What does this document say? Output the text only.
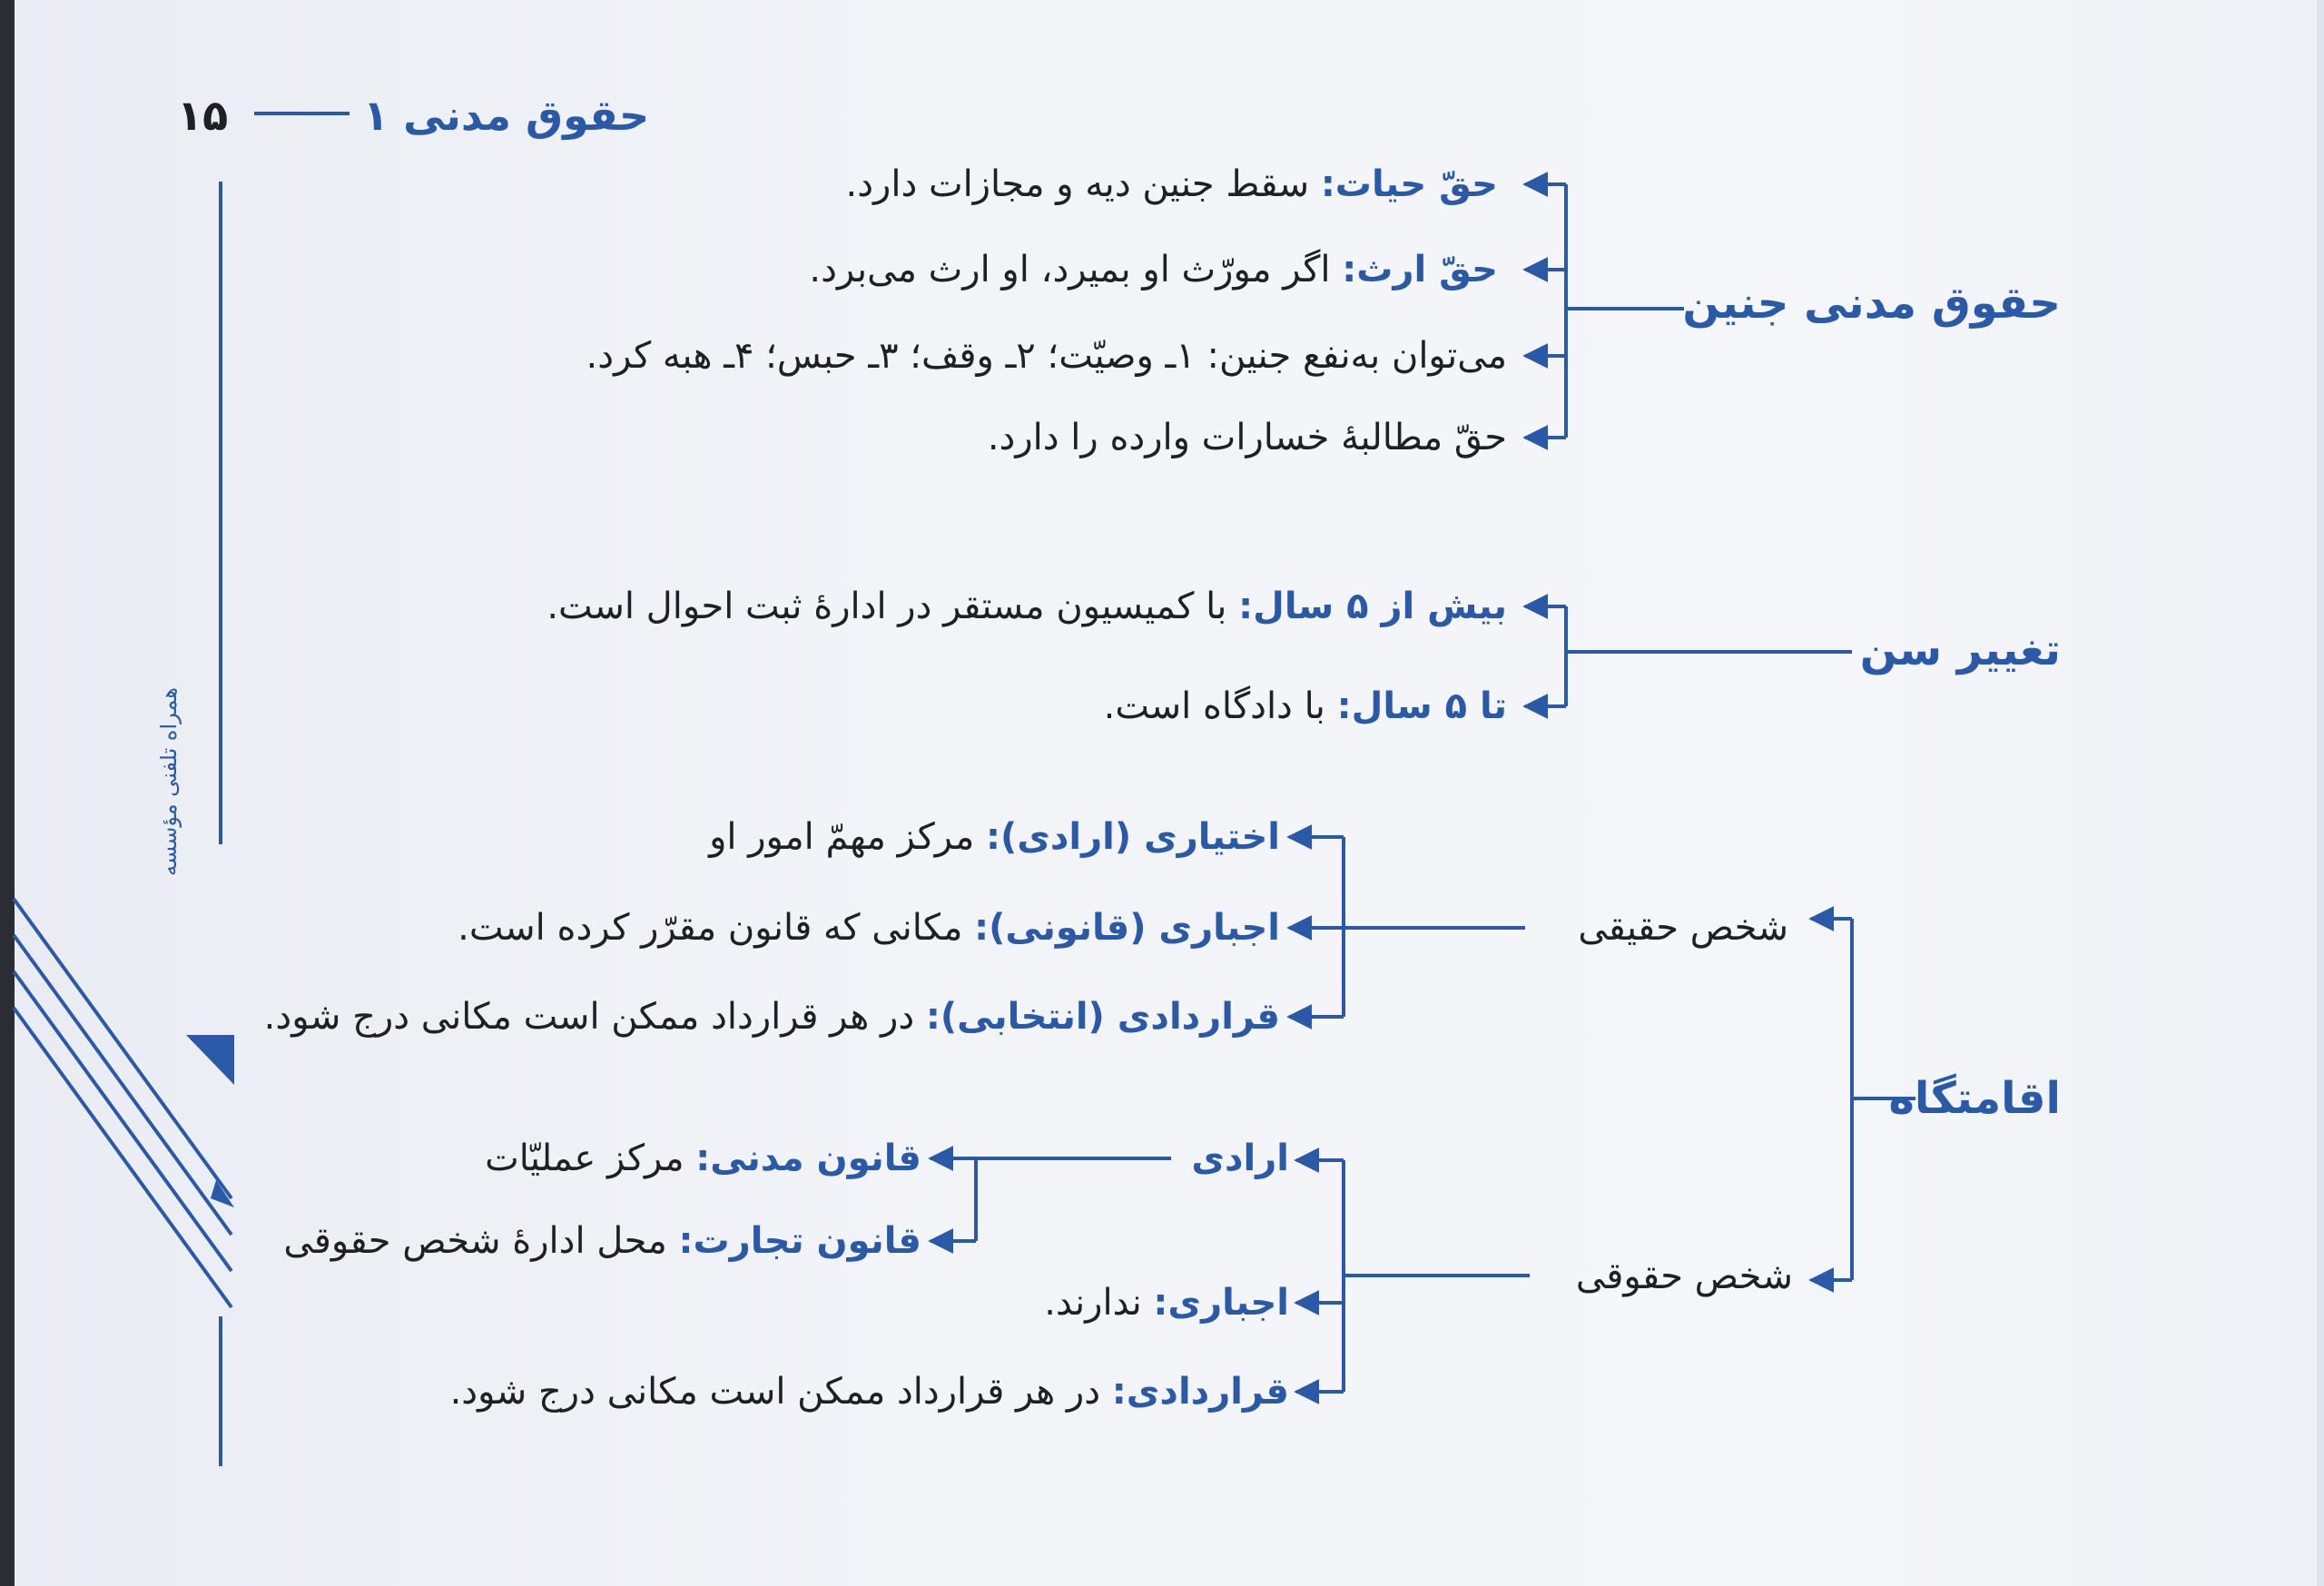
۱۵	حقوق مدنی ۱
همراه تلفنی مؤسسه
حقوق مدنی جنین
حقّ حیات: سقط جنین دیه و مجازات دارد.
حقّ ارث: اگر مورّث او بمیرد، او ارث می‌برد.
می‌توان به‌نفع جنین: ۱ـ وصیّت؛ ۲ـ وقف؛ ۳ـ حبس؛ ۴ـ هبه کرد.
حقّ مطالبهٔ خسارات وارده را دارد.
تغییر سن
بیش از ۵ سال: با کمیسیون مستقر در ادارهٔ ثبت احوال است.
تا ۵ سال: با دادگاه است.
اقامتگاه
شخص حقیقی
اختیاری (ارادی): مرکز مهمّ امور او
اجباری (قانونی): مکانی که قانون مقرّر کرده است.
قراردادی (انتخابی): در هر قرارداد ممکن است مکانی درج شود.
شخص حقوقی
ارادی
قانون مدنی: مرکز عملیّات
قانون تجارت: محل ادارهٔ شخص حقوقی
اجباری: ندارند.
قراردادی: در هر قرارداد ممکن است مکانی درج شود.
